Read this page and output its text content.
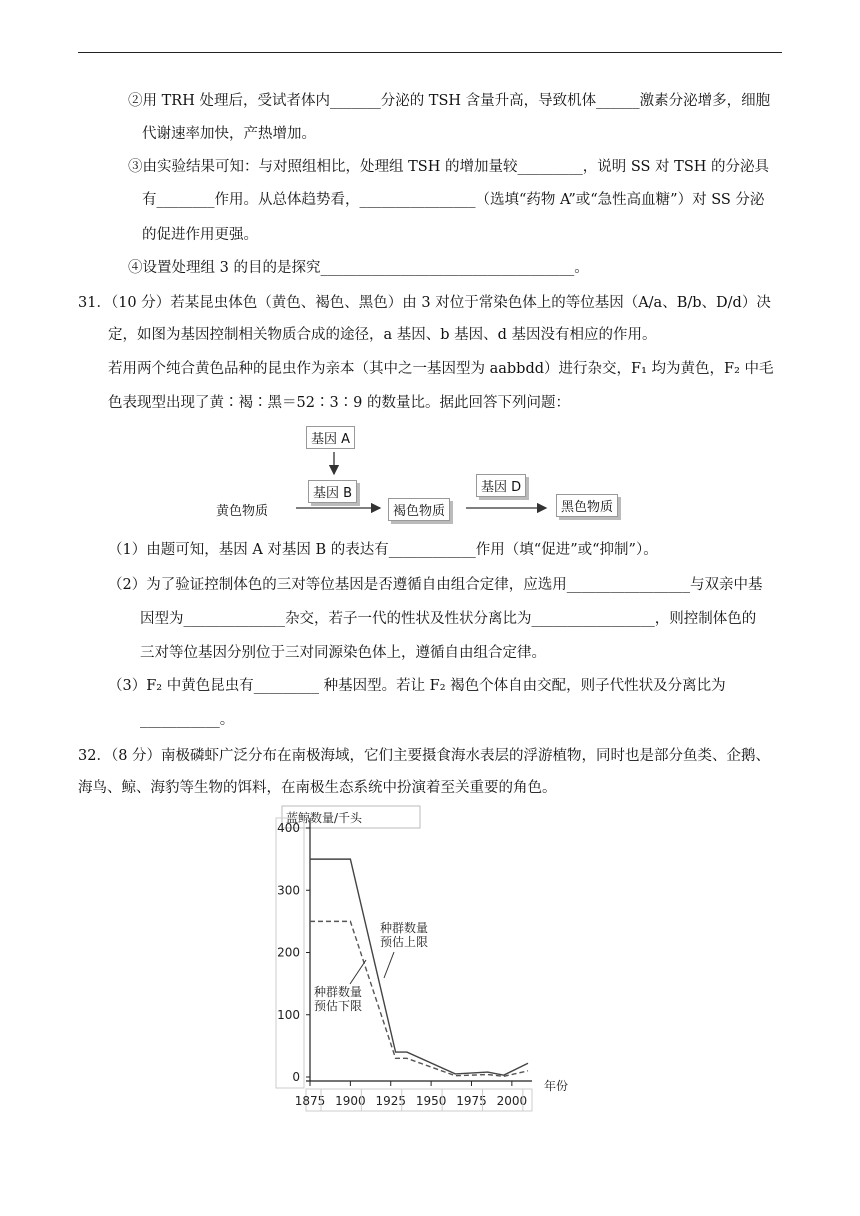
②用 TRH 处理后，受试者体内_______分泌的 TSH 含量升高，导致机体______激素分泌增多，细胞
代谢速率加快，产热增加。
③由实验结果可知：与对照组相比，处理组 TSH 的增加量较_________，说明 SS 对 TSH 的分泌具
有________作用。从总体趋势看，________________（选填“药物 A”或“急性高血糖”）对 SS 分泌
的促进作用更强。
④设置处理组 3 的目的是探究___________________________________。
31．（10 分）若某昆虫体色（黄色、褐色、黑色）由 3 对位于常染色体上的等位基因（A/a、B/b、D/d）决
定，如图为基因控制相关物质合成的途径，a 基因、b 基因、d 基因没有相应的作用。
若用两个纯合黄色品种的昆虫作为亲本（其中之一基因型为 aabbdd）进行杂交，F₁ 均为黄色，F₂ 中毛
色表现型出现了黄∶褐∶黑＝52∶3∶9 的数量比。据此回答下列问题：
基因 A
基因 B	基因 D
黄色物质	褐色物质	黑色物质
（1）由题可知，基因 A 对基因 B 的表达有____________作用（填“促进”或“抑制”）。
（2）为了验证控制体色的三对等位基因是否遵循自由组合定律，应选用_________________与双亲中基
因型为______________杂交，若子一代的性状及性状分离比为_________________，则控制体色的
三对等位基因分别位于三对同源染色体上，遵循自由组合定律。
（3）F₂ 中黄色昆虫有_________ 种基因型。若让 F₂ 褐色个体自由交配，则子代性状及分离比为
___________。
32．（8 分）南极磷虾广泛分布在南极海域，它们主要摄食海水表层的浮游植物，同时也是部分鱼类、企鹅、
海鸟、鲸、海豹等生物的饵料，在南极生态系统中扮演着至关重要的角色。
蓝鲸数量/千头
0
100
200
300
400
1875 1900 1925 1950 1975 2000
年份
种群数量
预估上限
种群数量
预估下限
